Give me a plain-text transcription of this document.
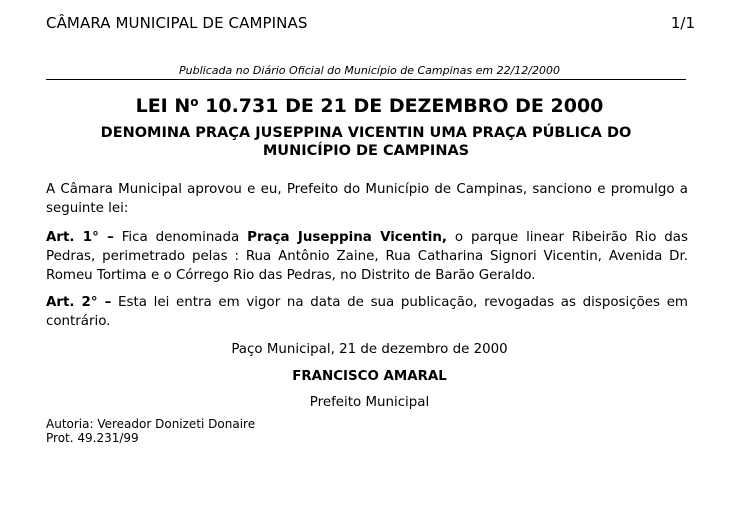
CÂMARA MUNICIPAL DE CAMPINAS	1/1
Publicada no Diário Oficial do Município de Campinas em 22/12/2000
LEI $N^o$ 10.731 DE 21 DE DEZEMBRO DE 2000
DENOMINA PRAÇA JUSEPPINA VICENTIN UMA PRAÇA PÚBLICA DO MUNICÍPIO DE CAMPINAS
A Câmara Municipal aprovou e eu, Prefeito do Município de Campinas, sanciono e promulgo a seguinte lei:
Art. 1° – Fica denominada Praça Juseppina Vicentin, o parque linear Ribeirão Rio das Pedras, perimetrado pelas : Rua Antônio Zaine, Rua Catharina Signori Vicentin, Avenida Dr. Romeu Tortima e o Córrego Rio das Pedras, no Distrito de Barão Geraldo.
Art. 2° – Esta lei entra em vigor na data de sua publicação, revogadas as disposições em contrário.
Paço Municipal, 21 de dezembro de 2000
FRANCISCO AMARAL
Prefeito Municipal
Autoria: Vereador Donizeti Donaire
Prot. 49.231/99
